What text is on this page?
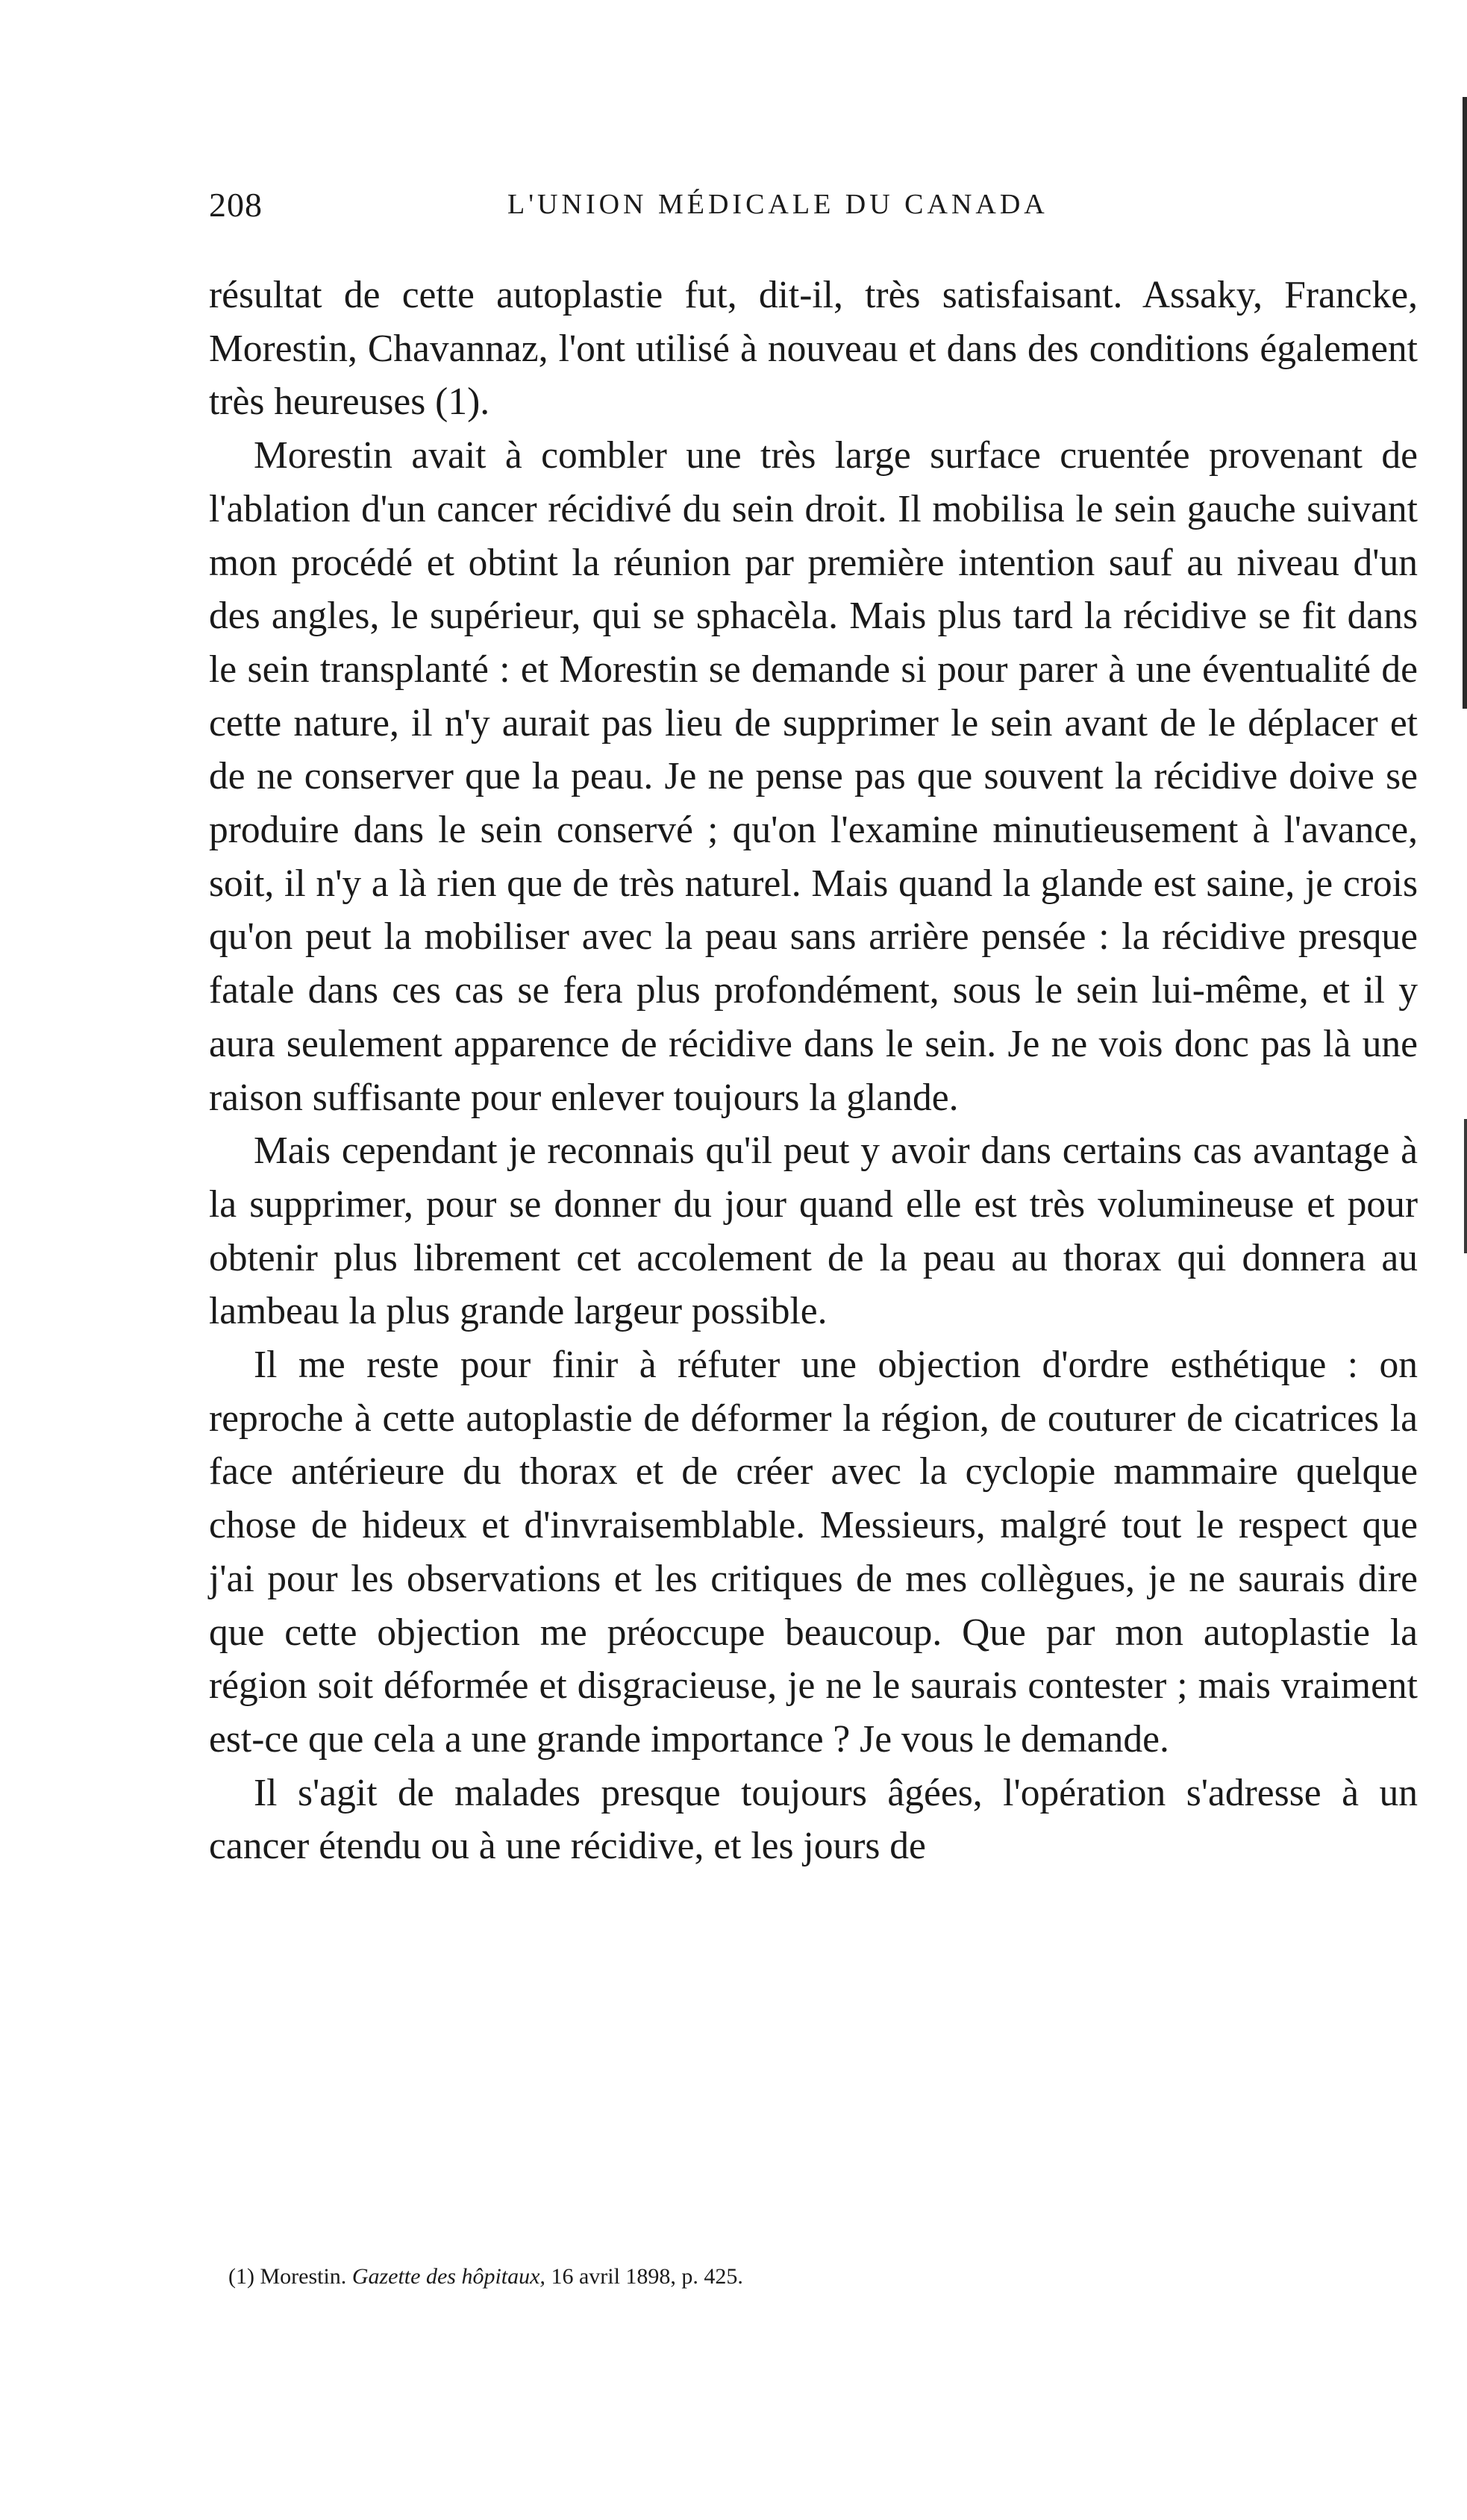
208	L'UNION MÉDICALE DU CANADA

résultat de cette autoplastie fut, dit-il, très satisfaisant. Assaky, Francke, Morestin, Chavannaz, l'ont utilisé à nouveau et dans des conditions également très heureuses (1).

Morestin avait à combler une très large surface cruentée provenant de l'ablation d'un cancer récidivé du sein droit. Il mobilisa le sein gauche suivant mon procédé et obtint la réunion par première intention sauf au niveau d'un des angles, le supérieur, qui se sphacèla. Mais plus tard la récidive se fit dans le sein transplanté : et Morestin se demande si pour parer à une éventualité de cette nature, il n'y aurait pas lieu de supprimer le sein avant de le déplacer et de ne conserver que la peau. Je ne pense pas que souvent la récidive doive se produire dans le sein conservé ; qu'on l'examine minutieusement à l'avance, soit, il n'y a là rien que de très naturel. Mais quand la glande est saine, je crois qu'on peut la mobiliser avec la peau sans arrière pensée : la récidive presque fatale dans ces cas se fera plus profondément, sous le sein lui-même, et il y aura seulement apparence de récidive dans le sein. Je ne vois donc pas là une raison suffisante pour enlever toujours la glande.

Mais cependant je reconnais qu'il peut y avoir dans certains cas avantage à la supprimer, pour se donner du jour quand elle est très volumineuse et pour obtenir plus librement cet accolement de la peau au thorax qui donnera au lambeau la plus grande largeur possible.

Il me reste pour finir à réfuter une objection d'ordre esthétique : on reproche à cette autoplastie de déformer la région, de couturer de cicatrices la face antérieure du thorax et de créer avec la cyclopie mammaire quelque chose de hideux et d'invraisemblable. Messieurs, malgré tout le respect que j'ai pour les observations et les critiques de mes collègues, je ne saurais dire que cette objection me préoccupe beaucoup. Que par mon autoplastie la région soit déformée et disgracieuse, je ne le saurais contester ; mais vraiment est-ce que cela a une grande importance ? Je vous le demande.

Il s'agit de malades presque toujours âgées, l'opération s'adresse à un cancer étendu ou à une récidive, et les jours de

(1) Morestin. Gazette des hôpitaux, 16 avril 1898, p. 425.
